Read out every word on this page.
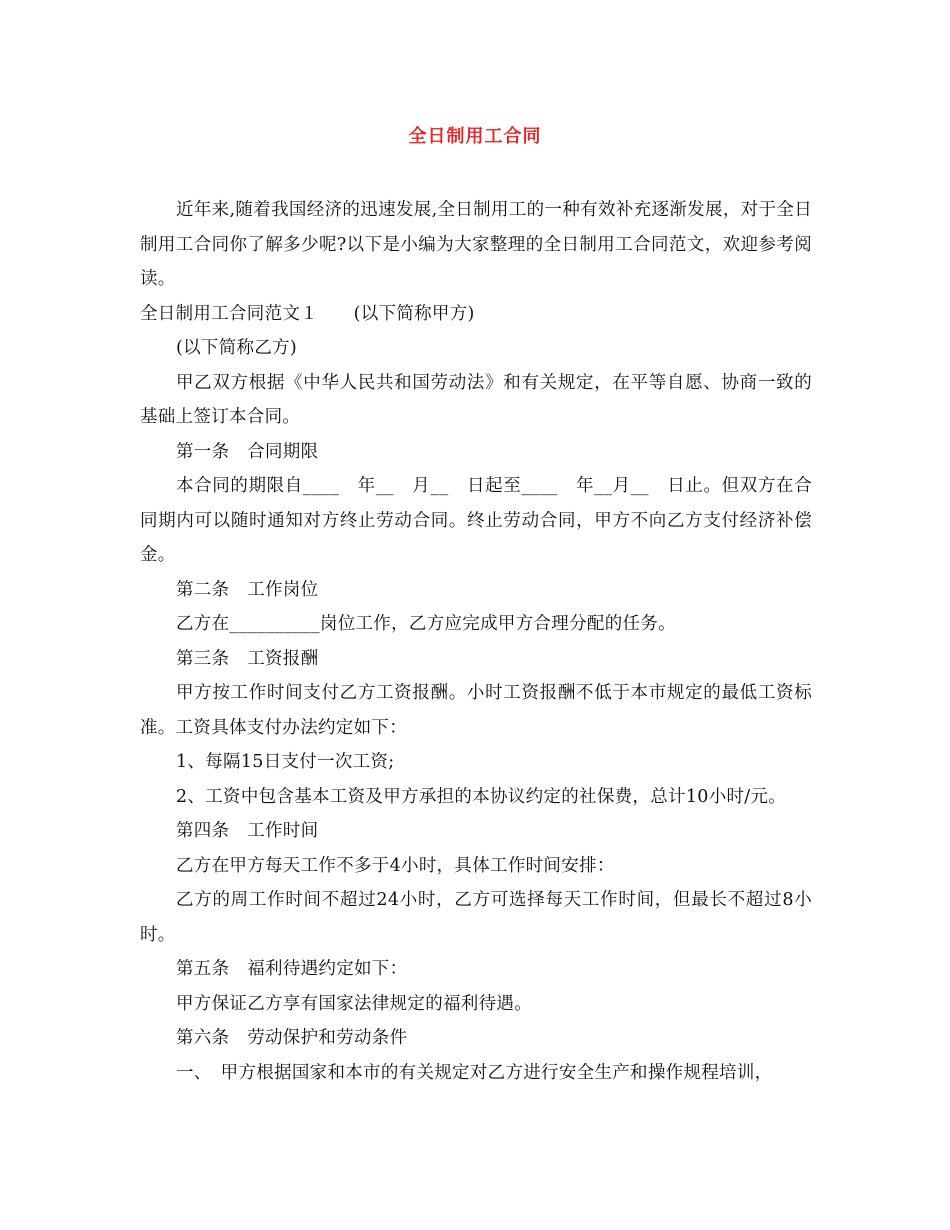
全日制用工合同

近年来,随着我国经济的迅速发展,全日制用工的一种有效补充逐渐发展，对于全日制用工合同你了解多少呢?以下是小编为大家整理的全日制用工合同范文，欢迎参考阅读。

全日制用工合同范文１　　(以下简称甲方)

(以下简称乙方)

甲乙双方根据《中华人民共和国劳动法》和有关规定，在平等自愿、协商一致的基础上签订本合同。

第一条　合同期限

本合同的期限自____　年__　月__　日起至____　年__月__　日止。但双方在合同期内可以随时通知对方终止劳动合同。终止劳动合同，甲方不向乙方支付经济补偿金。

第二条　工作岗位

乙方在__________岗位工作，乙方应完成甲方合理分配的任务。

第三条　工资报酬

甲方按工作时间支付乙方工资报酬。小时工资报酬不低于本市规定的最低工资标准。工资具体支付办法约定如下：

1、每隔15日支付一次工资;

2、工资中包含基本工资及甲方承担的本协议约定的社保费，总计10小时/元。

第四条　工作时间

乙方在甲方每天工作不多于4小时，具体工作时间安排：

乙方的周工作时间不超过24小时，乙方可选择每天工作时间，但最长不超过8小时。

第五条　福利待遇约定如下：

甲方保证乙方享有国家法律规定的福利待遇。

第六条　劳动保护和劳动条件

一、　甲方根据国家和本市的有关规定对乙方进行安全生产和操作规程培训，
